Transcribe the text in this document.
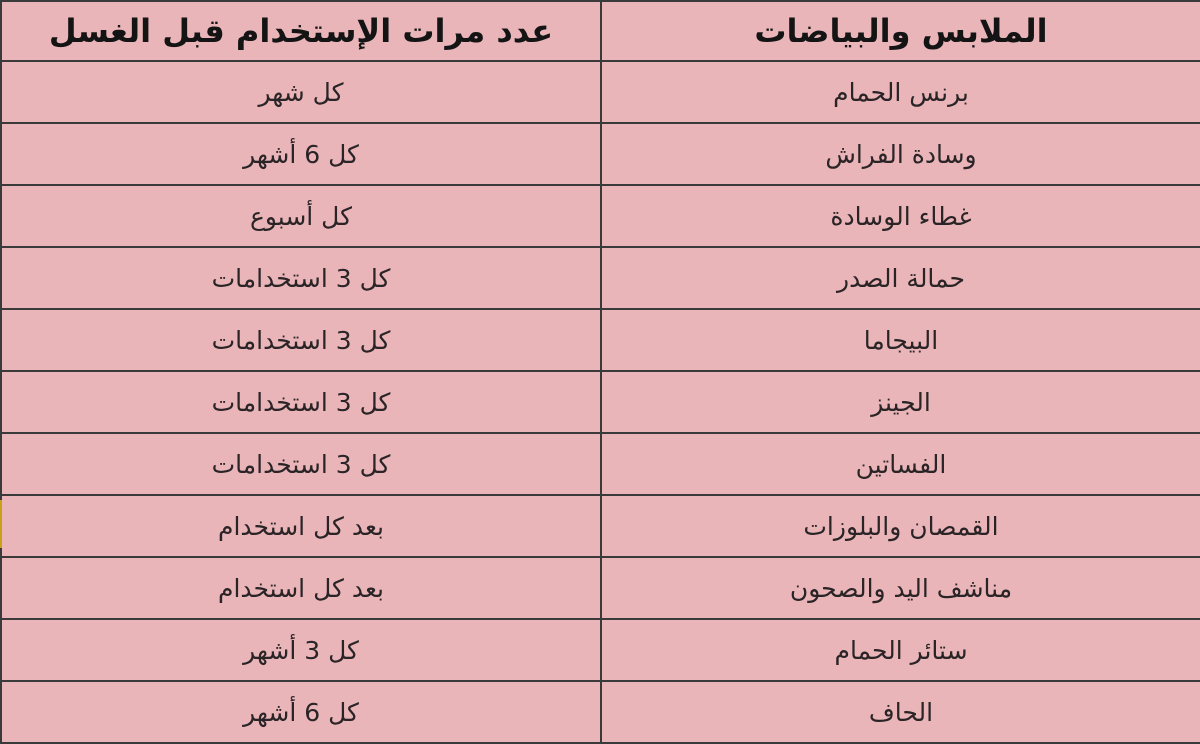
الملابس والبياضات	عدد مرات الإستخدام قبل الغسل
برنس الحمام	كل شهر
وسادة الفراش	كل 6 أشهر
غطاء الوسادة	كل أسبوع
حمالة الصدر	كل 3 استخدامات
البيجاما	كل 3 استخدامات
الجينز	كل 3 استخدامات
الفساتين	كل 3 استخدامات
القمصان والبلوزات	بعد كل استخدام
مناشف اليد والصحون	بعد كل استخدام
ستائر الحمام	كل 3 أشهر
الحاف	كل 6 أشهر
